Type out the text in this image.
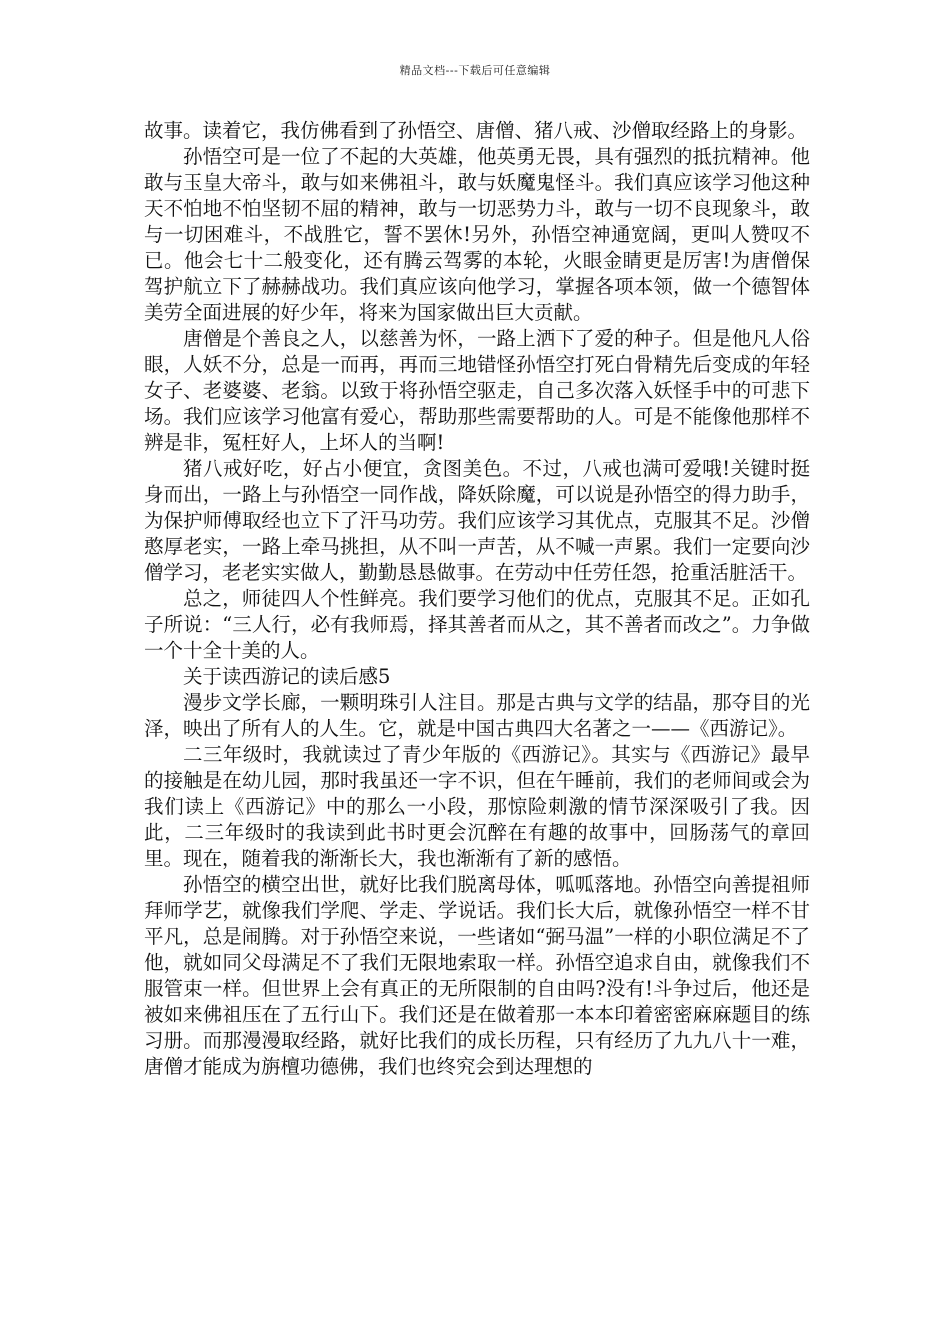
精品文档---下载后可任意编辑

故事。读着它，我仿佛看到了孙悟空、唐僧、猪八戒、沙僧取经路上的身影。

孙悟空可是一位了不起的大英雄，他英勇无畏，具有强烈的抵抗精神。他敢与玉皇大帝斗，敢与如来佛祖斗，敢与妖魔鬼怪斗。我们真应该学习他这种天不怕地不怕坚韧不屈的精神，敢与一切恶势力斗，敢与一切不良现象斗，敢与一切困难斗，不战胜它，誓不罢休!另外，孙悟空神通宽阔，更叫人赞叹不已。他会七十二般变化，还有腾云驾雾的本轮，火眼金睛更是厉害!为唐僧保驾护航立下了赫赫战功。我们真应该向他学习，掌握各项本领，做一个德智体美劳全面进展的好少年，将来为国家做出巨大贡献。

唐僧是个善良之人，以慈善为怀，一路上洒下了爱的种子。但是他凡人俗眼，人妖不分，总是一而再，再而三地错怪孙悟空打死白骨精先后变成的年轻女子、老婆婆、老翁。以致于将孙悟空驱走，自己多次落入妖怪手中的可悲下场。我们应该学习他富有爱心，帮助那些需要帮助的人。可是不能像他那样不辨是非，冤枉好人，上坏人的当啊!

猪八戒好吃，好占小便宜，贪图美色。不过，八戒也满可爱哦!关键时挺身而出，一路上与孙悟空一同作战，降妖除魔，可以说是孙悟空的得力助手，为保护师傅取经也立下了汗马功劳。我们应该学习其优点，克服其不足。沙僧憨厚老实，一路上牵马挑担，从不叫一声苦，从不喊一声累。我们一定要向沙僧学习，老老实实做人，勤勤恳恳做事。在劳动中任劳任怨，抢重活脏活干。

总之，师徒四人个性鲜亮。我们要学习他们的优点，克服其不足。正如孔子所说：“三人行，必有我师焉，择其善者而从之，其不善者而改之”。力争做一个十全十美的人。

关于读西游记的读后感5

漫步文学长廊，一颗明珠引人注目。那是古典与文学的结晶，那夺目的光泽，映出了所有人的人生。它，就是中国古典四大名著之一——《西游记》。

二三年级时，我就读过了青少年版的《西游记》。其实与《西游记》最早的接触是在幼儿园，那时我虽还一字不识，但在午睡前，我们的老师间或会为我们读上《西游记》中的那么一小段，那惊险刺激的情节深深吸引了我。因此，二三年级时的我读到此书时更会沉醉在有趣的故事中，回肠荡气的章回里。现在，随着我的渐渐长大，我也渐渐有了新的感悟。

孙悟空的横空出世，就好比我们脱离母体，呱呱落地。孙悟空向善提祖师拜师学艺，就像我们学爬、学走、学说话。我们长大后，就像孙悟空一样不甘平凡，总是闹腾。对于孙悟空来说，一些诸如“弼马温”一样的小职位满足不了他，就如同父母满足不了我们无限地索取一样。孙悟空追求自由，就像我们不服管束一样。但世界上会有真正的无所限制的自由吗?没有!斗争过后，他还是被如来佛祖压在了五行山下。我们还是在做着那一本本印着密密麻麻题目的练习册。而那漫漫取经路，就好比我们的成长历程，只有经历了九九八十一难，唐僧才能成为旃檀功德佛，我们也终究会到达理想的
